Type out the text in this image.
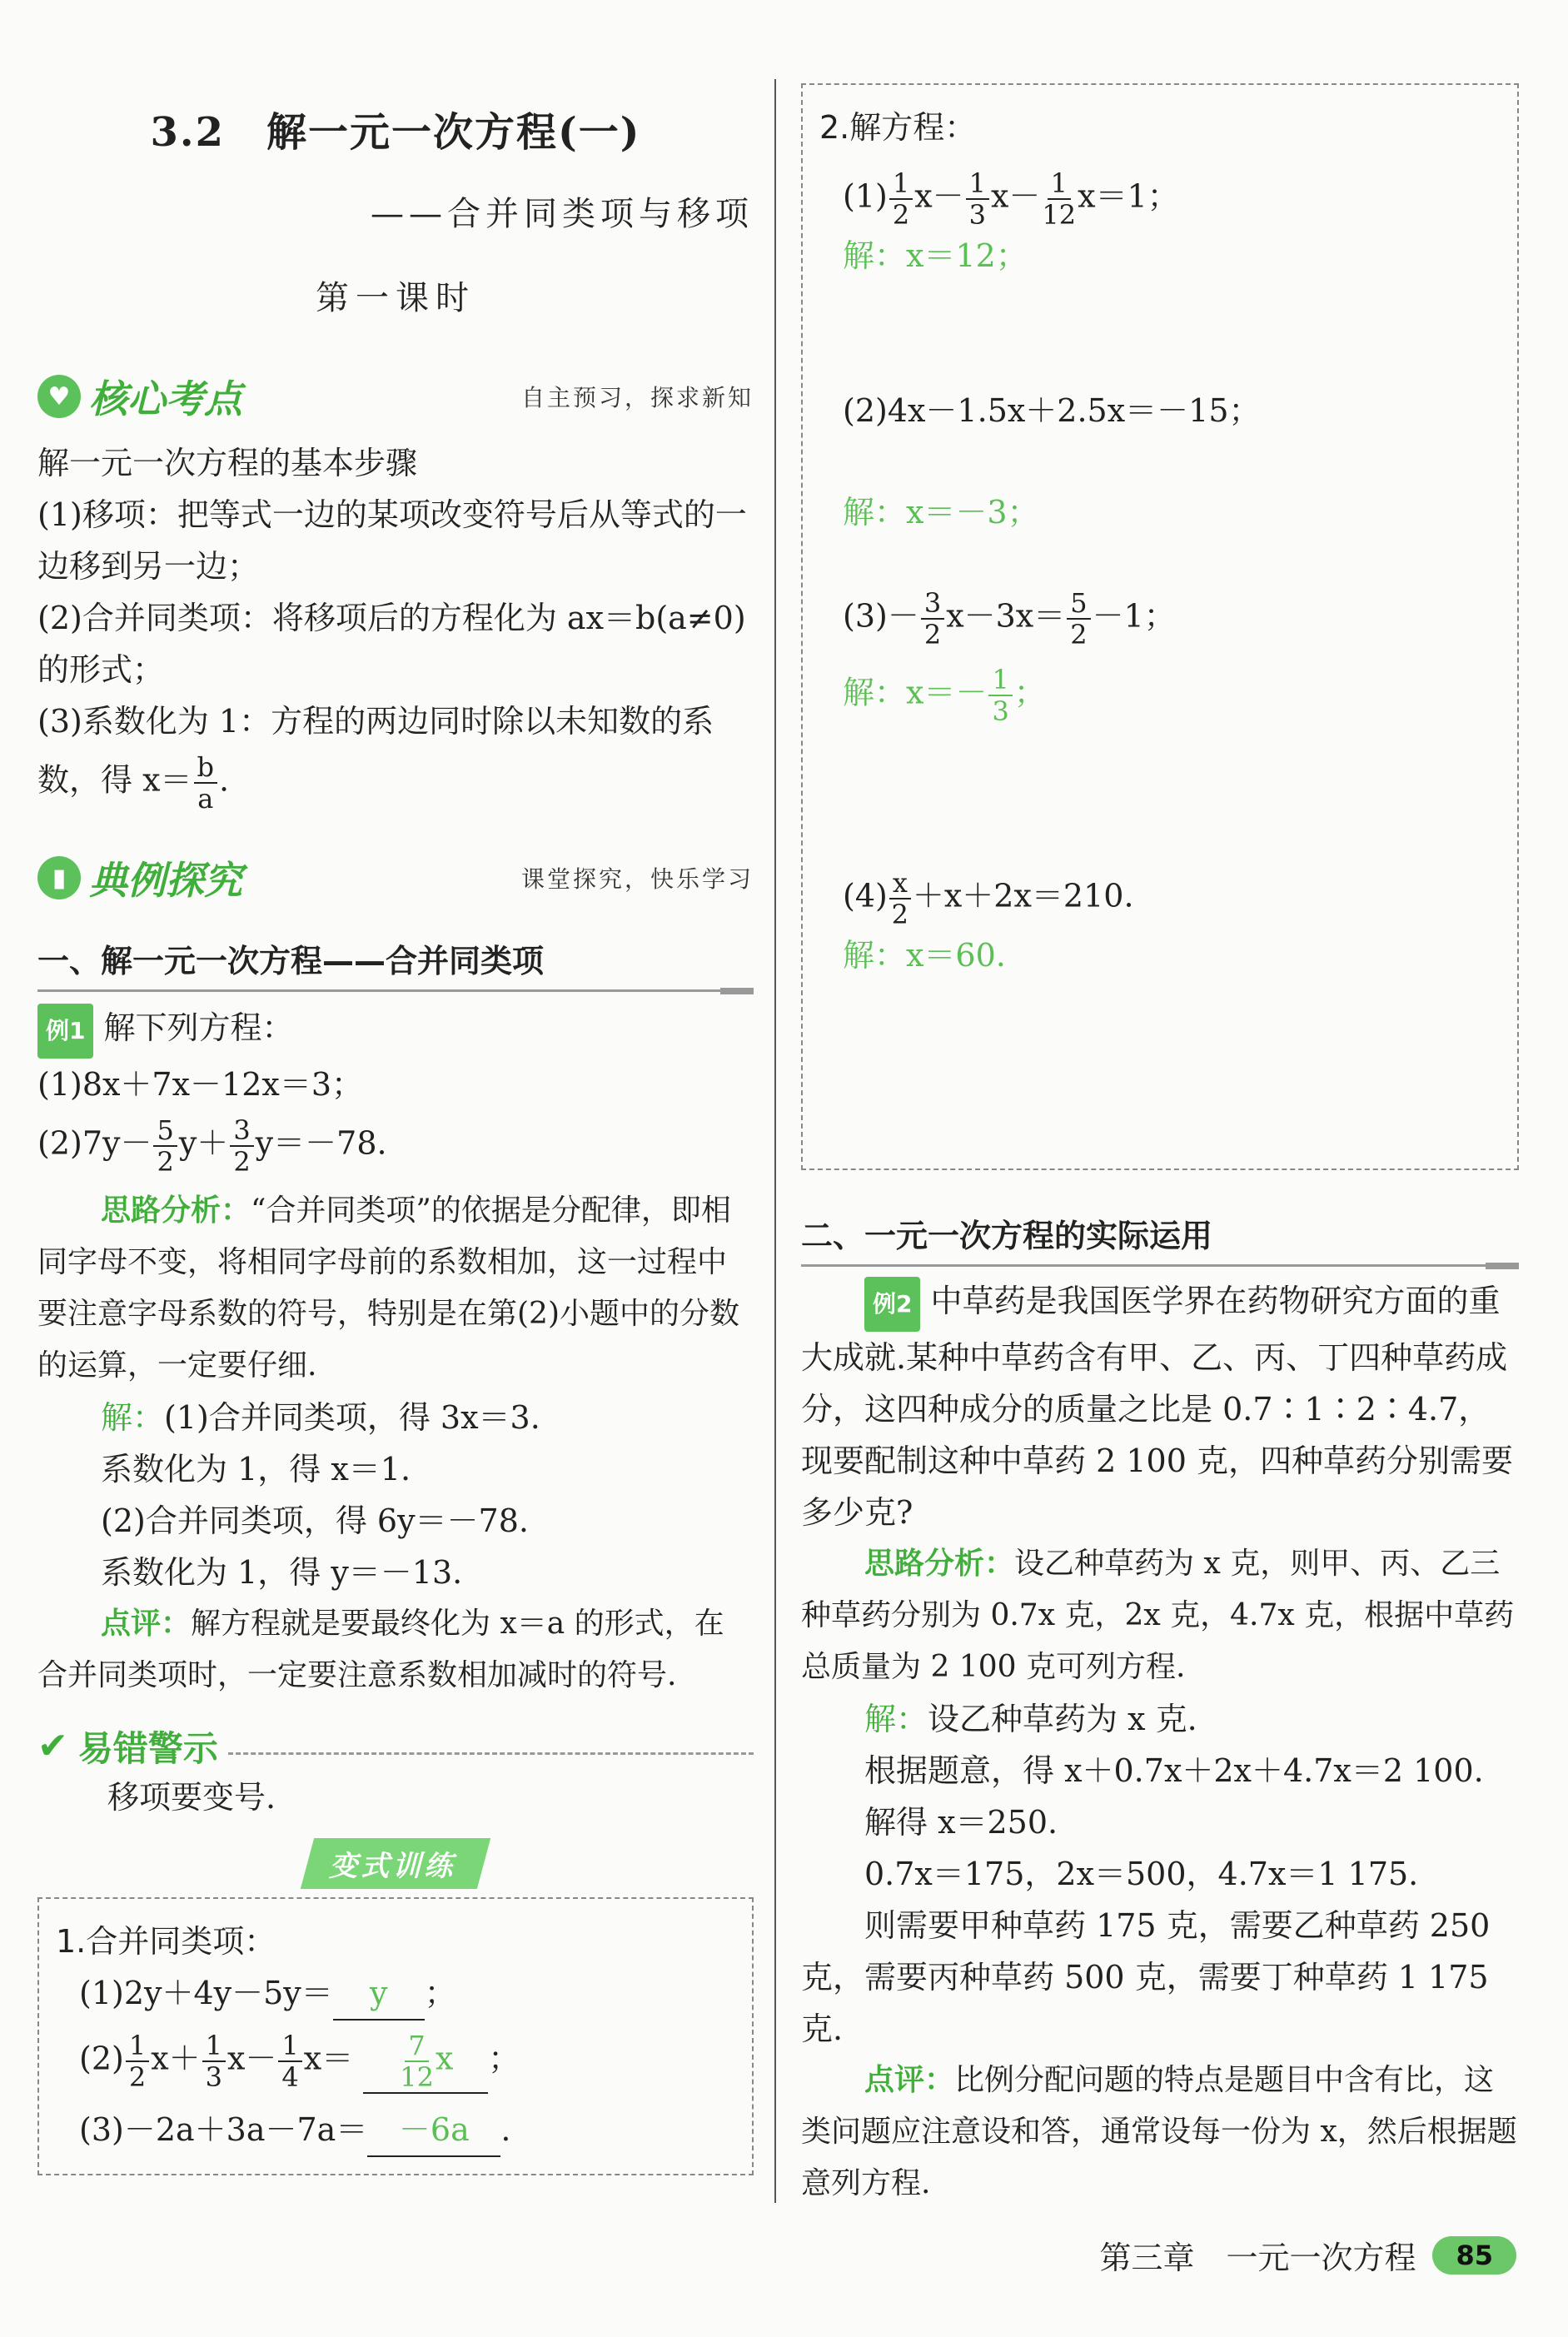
3.2　解一元一次方程(一)
——合并同类项与移项
第一课时
♥ 核心考点	自主预习，探求新知
解一元一次方程的基本步骤
(1)移项：把等式一边的某项改变符号后从等式的一边移到另一边；
(2)合并同类项：将移项后的方程化为 ax＝b(a≠0)的形式；
(3)系数化为 1：方程的两边同时除以未知数的系
数，得 $x= \frac{b}{a}$ .
▮ 典例探究	课堂探究，快乐学习
一、解一元一次方程——合并同类项
例1 解下列方程：
(1)8x＋7x－12x＝3；
$(2)7y- \frac{5}{2} y+ \frac{3}{2} y=-78$.
思路分析：“合并同类项”的依据是分配律，即相同字母不变，将相同字母前的系数相加，这一过程中要注意字母系数的符号，特别是在第(2)小题中的分数的运算，一定要仔细.
解：(1)合并同类项，得 3x＝3.
系数化为 1，得 x＝1.
(2)合并同类项，得 6y＝－78.
系数化为 1，得 y＝－13.
点评：解方程就是要最终化为 x＝a 的形式，在合并同类项时，一定要注意系数相加减时的符号.
✔ 易错警示
移项要变号.
变式训练
1.合并同类项：
(1)2y＋4y－5y＝ y ；
$(2) \frac{1}{2} x+ \frac{1}{3} x- \frac{1}{4} x= \frac{7}{12}$ x ；
(3)－2a＋3a－7a＝ －6a .
2.解方程：
$(1) \frac{1}{2} x- \frac{1}{3} x- \frac{1}{12} x=1$；
解：x＝12；
(2)4x－1.5x＋2.5x＝－15；
解：x＝－3；
$(3)- \frac{3}{2} x-3x= \frac{5}{2} -1$；
解：$x=- \frac{1}{3}$ ；
$(4) \frac{x}{2} +x+2x=210$.
解：x＝60.
二、一元一次方程的实际运用
例2 中草药是我国医学界在药物研究方面的重大成就.某种中草药含有甲、乙、丙、丁四种草药成分，这四种成分的质量之比是 0.7∶1∶2∶4.7，现要配制这种中草药 2 100 克，四种草药分别需要多少克?
思路分析：设乙种草药为 x 克，则甲、丙、乙三种草药分别为 0.7x 克，2x 克，4.7x 克，根据中草药总质量为 2 100 克可列方程.
解：设乙种草药为 x 克.
根据题意，得 x＋0.7x＋2x＋4.7x＝2 100.
解得 x＝250.
0.7x＝175，2x＝500，4.7x＝1 175.
则需要甲种草药 175 克，需要乙种草药 250 克，需要丙种草药 500 克，需要丁种草药 1 175 克.
点评：比例分配问题的特点是题目中含有比，这类问题应注意设和答，通常设每一份为 x，然后根据题意列方程.
第三章　一元一次方程	85
